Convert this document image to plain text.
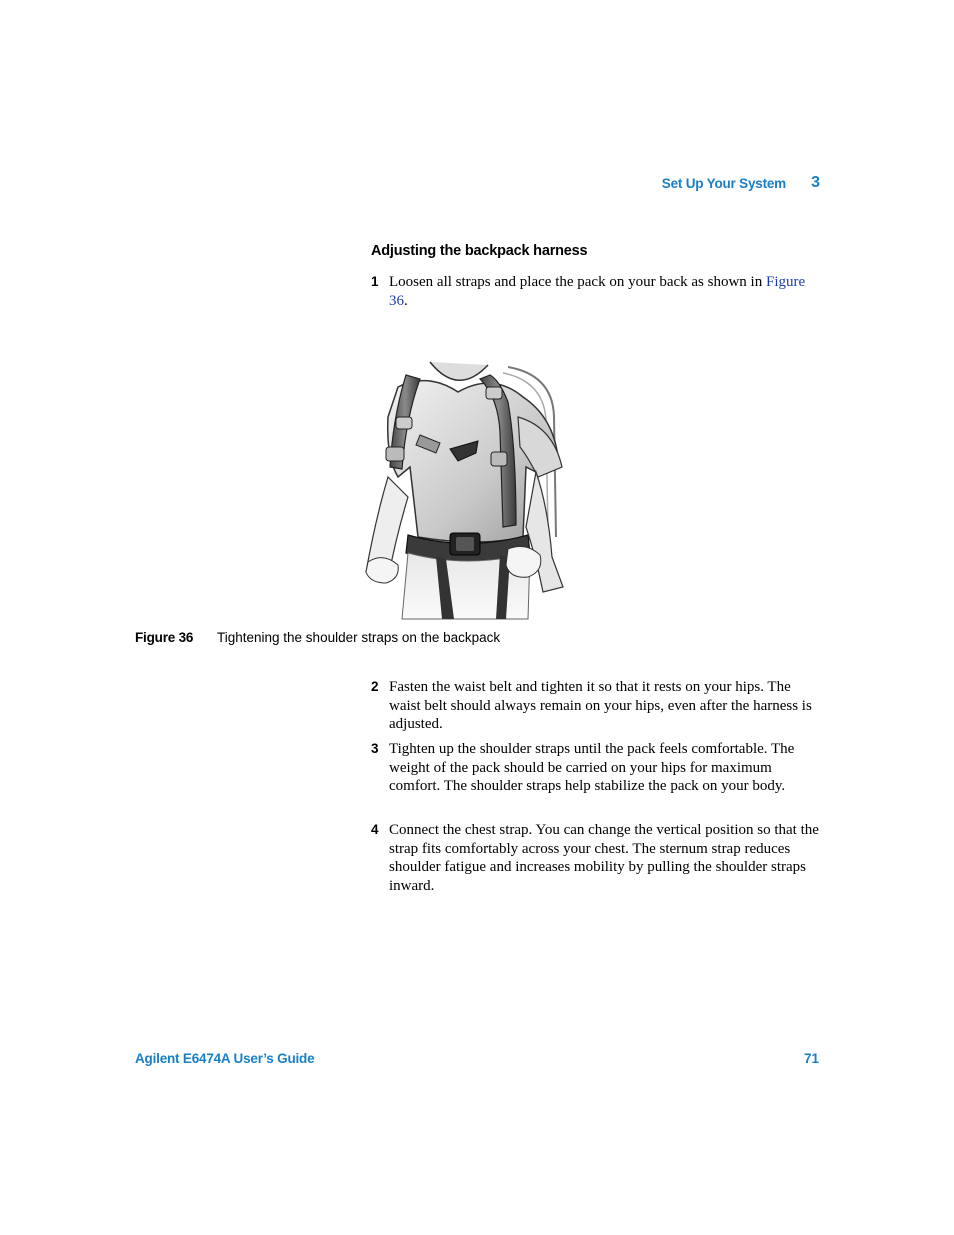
Set Up Your System 3
Adjusting the backpack harness
1 Loosen all straps and place the pack on your back as shown in Figure 36.
Figure 36 Tightening the shoulder straps on the backpack
2 Fasten the waist belt and tighten it so that it rests on your hips. The waist belt should always remain on your hips, even after the harness is adjusted.
3 Tighten up the shoulder straps until the pack feels comfortable. The weight of the pack should be carried on your hips for maximum comfort. The shoulder straps help stabilize the pack on your body.
4 Connect the chest strap. You can change the vertical position so that the strap fits comfortably across your chest. The sternum strap reduces shoulder fatigue and increases mobility by pulling the shoulder straps inward.
Agilent E6474A User’s Guide	71
